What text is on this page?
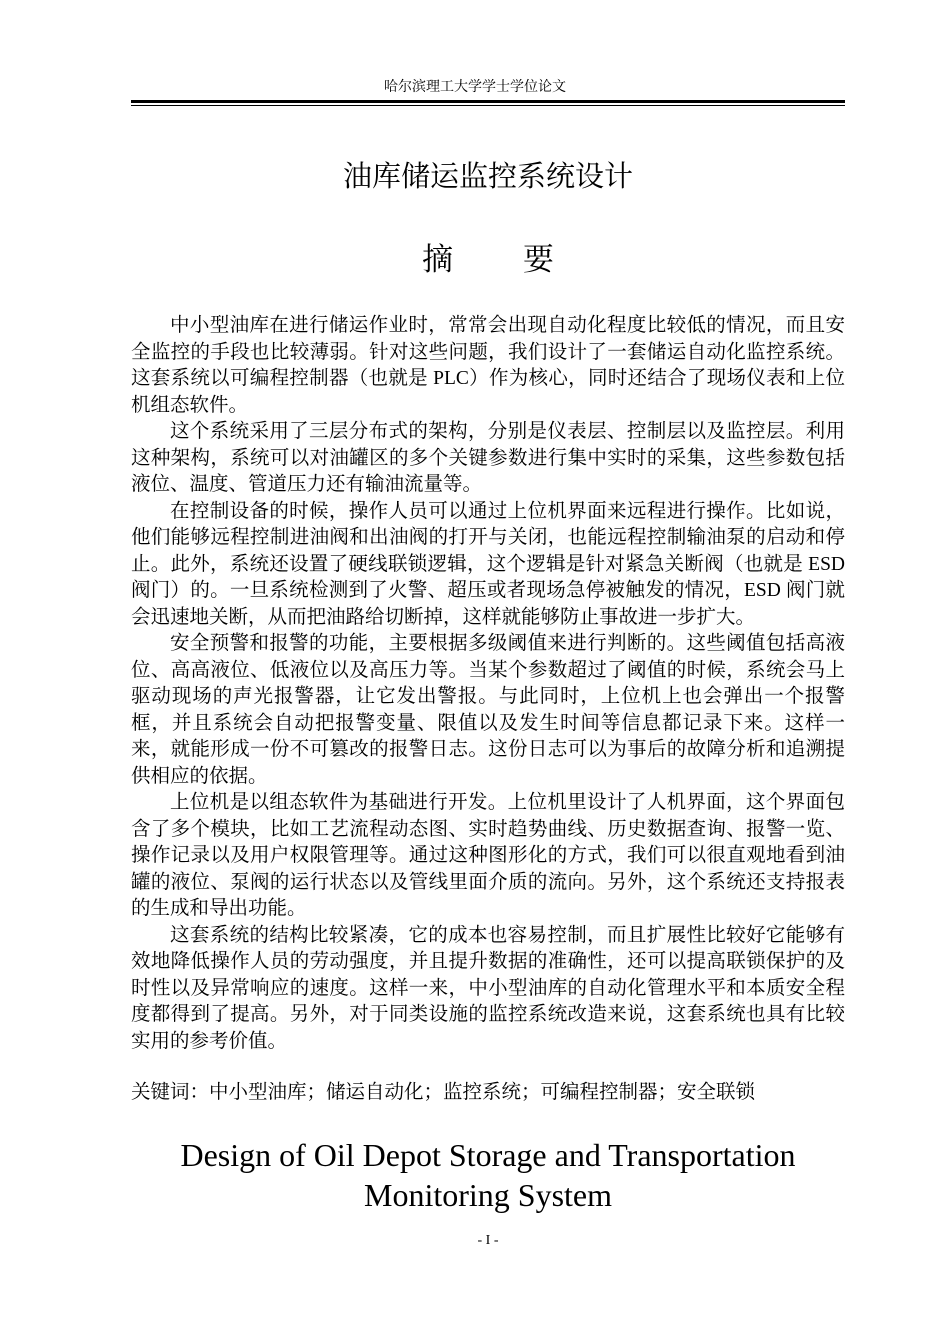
哈尔滨理工大学学士学位论文
油库储运监控系统设计
摘 要

中小型油库在进行储运作业时，常常会出现自动化程度比较低的情况，而且安全监控的手段也比较薄弱。针对这些问题，我们设计了一套储运自动化监控系统。这套系统以可编程控制器（也就是 PLC）作为核心，同时还结合了现场仪表和上位机组态软件。

这个系统采用了三层分布式的架构，分别是仪表层、控制层以及监控层。利用这种架构，系统可以对油罐区的多个关键参数进行集中实时的采集，这些参数包括液位、温度、管道压力还有输油流量等。

在控制设备的时候，操作人员可以通过上位机界面来远程进行操作。比如说，他们能够远程控制进油阀和出油阀的打开与关闭，也能远程控制输油泵的启动和停止。此外，系统还设置了硬线联锁逻辑，这个逻辑是针对紧急关断阀（也就是 ESD 阀门）的。一旦系统检测到了火警、超压或者现场急停被触发的情况，ESD 阀门就会迅速地关断，从而把油路给切断掉，这样就能够防止事故进一步扩大。

安全预警和报警的功能，主要根据多级阈值来进行判断的。这些阈值包括高液位、高高液位、低液位以及高压力等。当某个参数超过了阈值的时候，系统会马上驱动现场的声光报警器，让它发出警报。与此同时，上位机上也会弹出一个报警框，并且系统会自动把报警变量、限值以及发生时间等信息都记录下来。这样一来，就能形成一份不可篡改的报警日志。这份日志可以为事后的故障分析和追溯提供相应的依据。

上位机是以组态软件为基础进行开发。上位机里设计了人机界面，这个界面包含了多个模块，比如工艺流程动态图、实时趋势曲线、历史数据查询、报警一览、操作记录以及用户权限管理等。通过这种图形化的方式，我们可以很直观地看到油罐的液位、泵阀的运行状态以及管线里面介质的流向。另外，这个系统还支持报表的生成和导出功能。

这套系统的结构比较紧凑，它的成本也容易控制，而且扩展性比较好它能够有效地降低操作人员的劳动强度，并且提升数据的准确性，还可以提高联锁保护的及时性以及异常响应的速度。这样一来，中小型油库的自动化管理水平和本质安全程度都得到了提高。另外，对于同类设施的监控系统改造来说，这套系统也具有比较实用的参考价值。

关键词：中小型油库；储运自动化；监控系统；可编程控制器；安全联锁
Design of Oil Depot Storage and Transportation Monitoring System
- I -
